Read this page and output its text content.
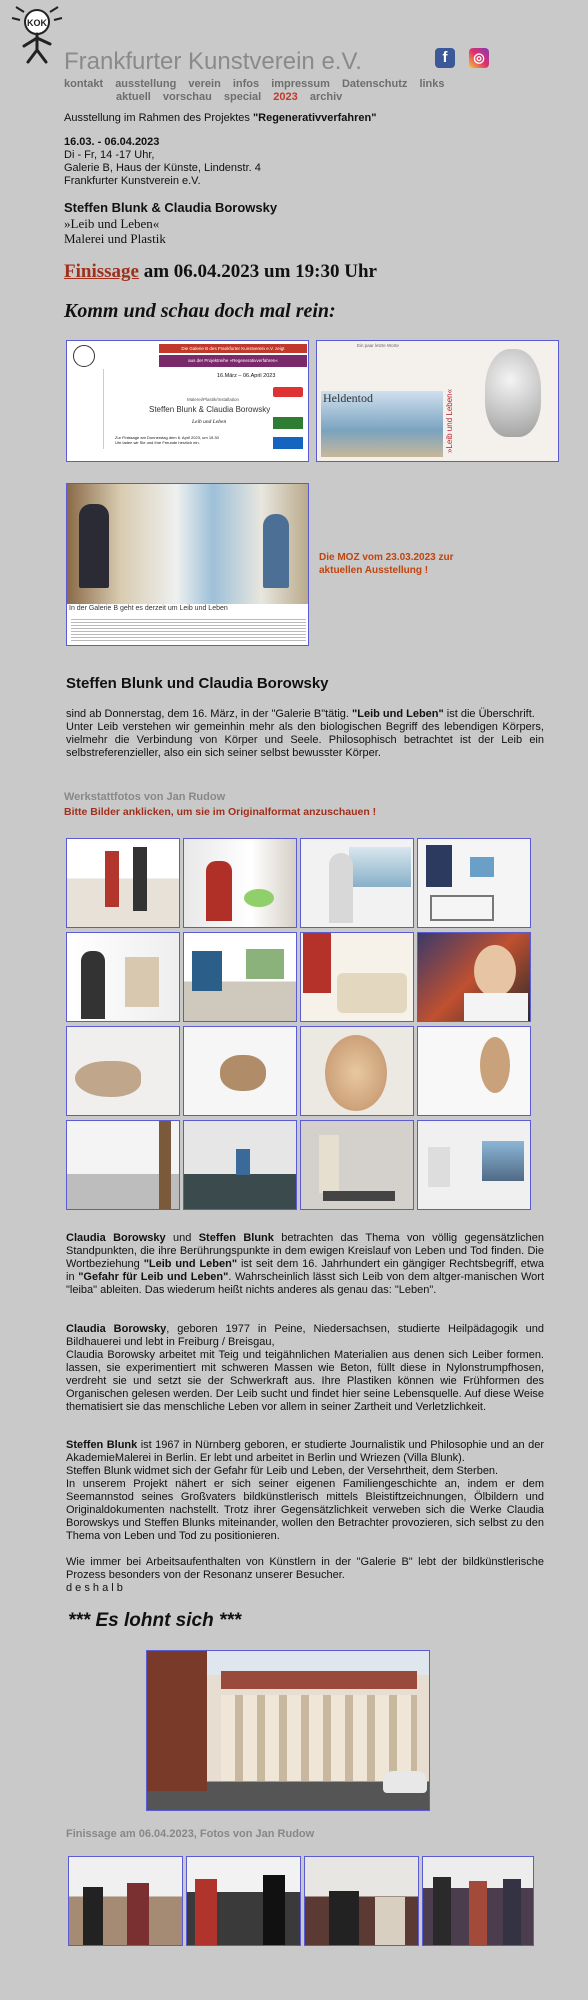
KOK
Frankfurter Kunstverein e.V.	f	◎
kontakt ausstellung verein infos impressum Datenschutz links
aktuell vorschau special 2023 archiv
Ausstellung im Rahmen des Projektes "Regenerativverfahren"
16.03. - 06.04.2023
Di - Fr, 14 -17 Uhr,
Galerie B, Haus der Künste, Lindenstr. 4
Frankfurter Kunstverein e.V.
Steffen Blunk & Claudia Borowsky
»Leib und Leben«
Malerei und Plastik
Finissage am 06.04.2023 um 19:30 Uhr
Komm und schau doch mal rein:
Die Galerie B des Frankfurter Kunstverein e.V. zeigt
aus der Projektreihe »Regenerativverfahren«
16.März – 06.April 2023
Malerei/Plastik/Installation
Steffen Blunk & Claudia Borowsky
Leib und Leben
Zur Finissage am Donnerstag dem 6. April 2023, um 19.30 Uhr laden wir Sie und Ihre Freunde herzlich ein.
Ein paar letzte Worte
Heldentod	»Leib und Leben«
In der Galerie B geht es derzeit um Leib und Leben
Die MOZ vom 23.03.2023 zur
aktuellen Ausstellung !
Steffen Blunk und Claudia Borowsky
sind ab Donnerstag, dem 16. März, in der "Galerie B"tätig. "Leib und Leben" ist die Überschrift.
Unter Leib verstehen wir gemeinhin mehr als den biologischen Begriff des lebendigen Körpers, vielmehr die Verbindung von Körper und Seele. Philosophisch betrachtet ist der Leib ein selbstreferenzieller, also ein sich seiner selbst bewusster Körper.
Werkstattfotos von Jan Rudow
Bitte Bilder anklicken, um sie im Originalformat anzuschauen !
Claudia Borowsky und Steffen Blunk betrachten das Thema von völlig gegensätzlichen Standpunkten, die ihre Berührungspunkte in dem ewigen Kreislauf von Leben und Tod finden. Die Wortbeziehung "Leib und Leben" ist seit dem 16. Jahrhundert ein gängiger Rechtsbegriff, etwa in "Gefahr für Leib und Leben". Wahrscheinlich lässt sich Leib von dem altger-manischen Wort "leiba" ableiten. Das wiederum heißt nichts anderes als genau das: "Leben".
Claudia Borowsky, geboren 1977 in Peine, Niedersachsen, studierte Heilpädagogik und Bildhauerei und lebt in Freiburg / Breisgau,
Claudia Borowsky arbeitet mit Teig und teigähnlichen Materialien aus denen sich Leiber formen. lassen, sie experimentiert mit schweren Massen wie Beton, füllt diese in Nylonstrumpfhosen, verdreht sie und setzt sie der Schwerkraft aus. Ihre Plastiken können wie Frühformen des Organischen gelesen werden. Der Leib sucht und findet hier seine Lebensquelle. Auf diese Weise thematisiert sie das menschliche Leben vor allem in seiner Zartheit und Verletzlichkeit.
Steffen Blunk ist 1967 in Nürnberg geboren, er studierte Journalistik und Philosophie und an der AkademieMalerei in Berlin. Er lebt und arbeitet in Berlin und Wriezen (Villa Blunk).
Steffen Blunk widmet sich der Gefahr für Leib und Leben, der Versehrtheit, dem Sterben.
In unserem Projekt nähert er sich seiner eigenen Familiengeschichte an, indem er dem Seemannstod seines Großvaters bildkünstlerisch mittels Bleistiftzeichnungen, Ölbildern und Originaldokumenten nachstellt. Trotz ihrer Gegensätzlichkeit verweben sich die Werke Claudia Borowskys und Steffen Blunks miteinander, wollen den Betrachter provozieren, sich selbst zu den Thema von Leben und Tod zu positionieren.
Wie immer bei Arbeitsaufenthalten von Künstlern in der "Galerie B" lebt der bildkünstlerische Prozess besonders von der Resonanz unserer Besucher.
d e s h a l b
*** Es lohnt sich ***
Finissage am 06.04.2023, Fotos von Jan Rudow
